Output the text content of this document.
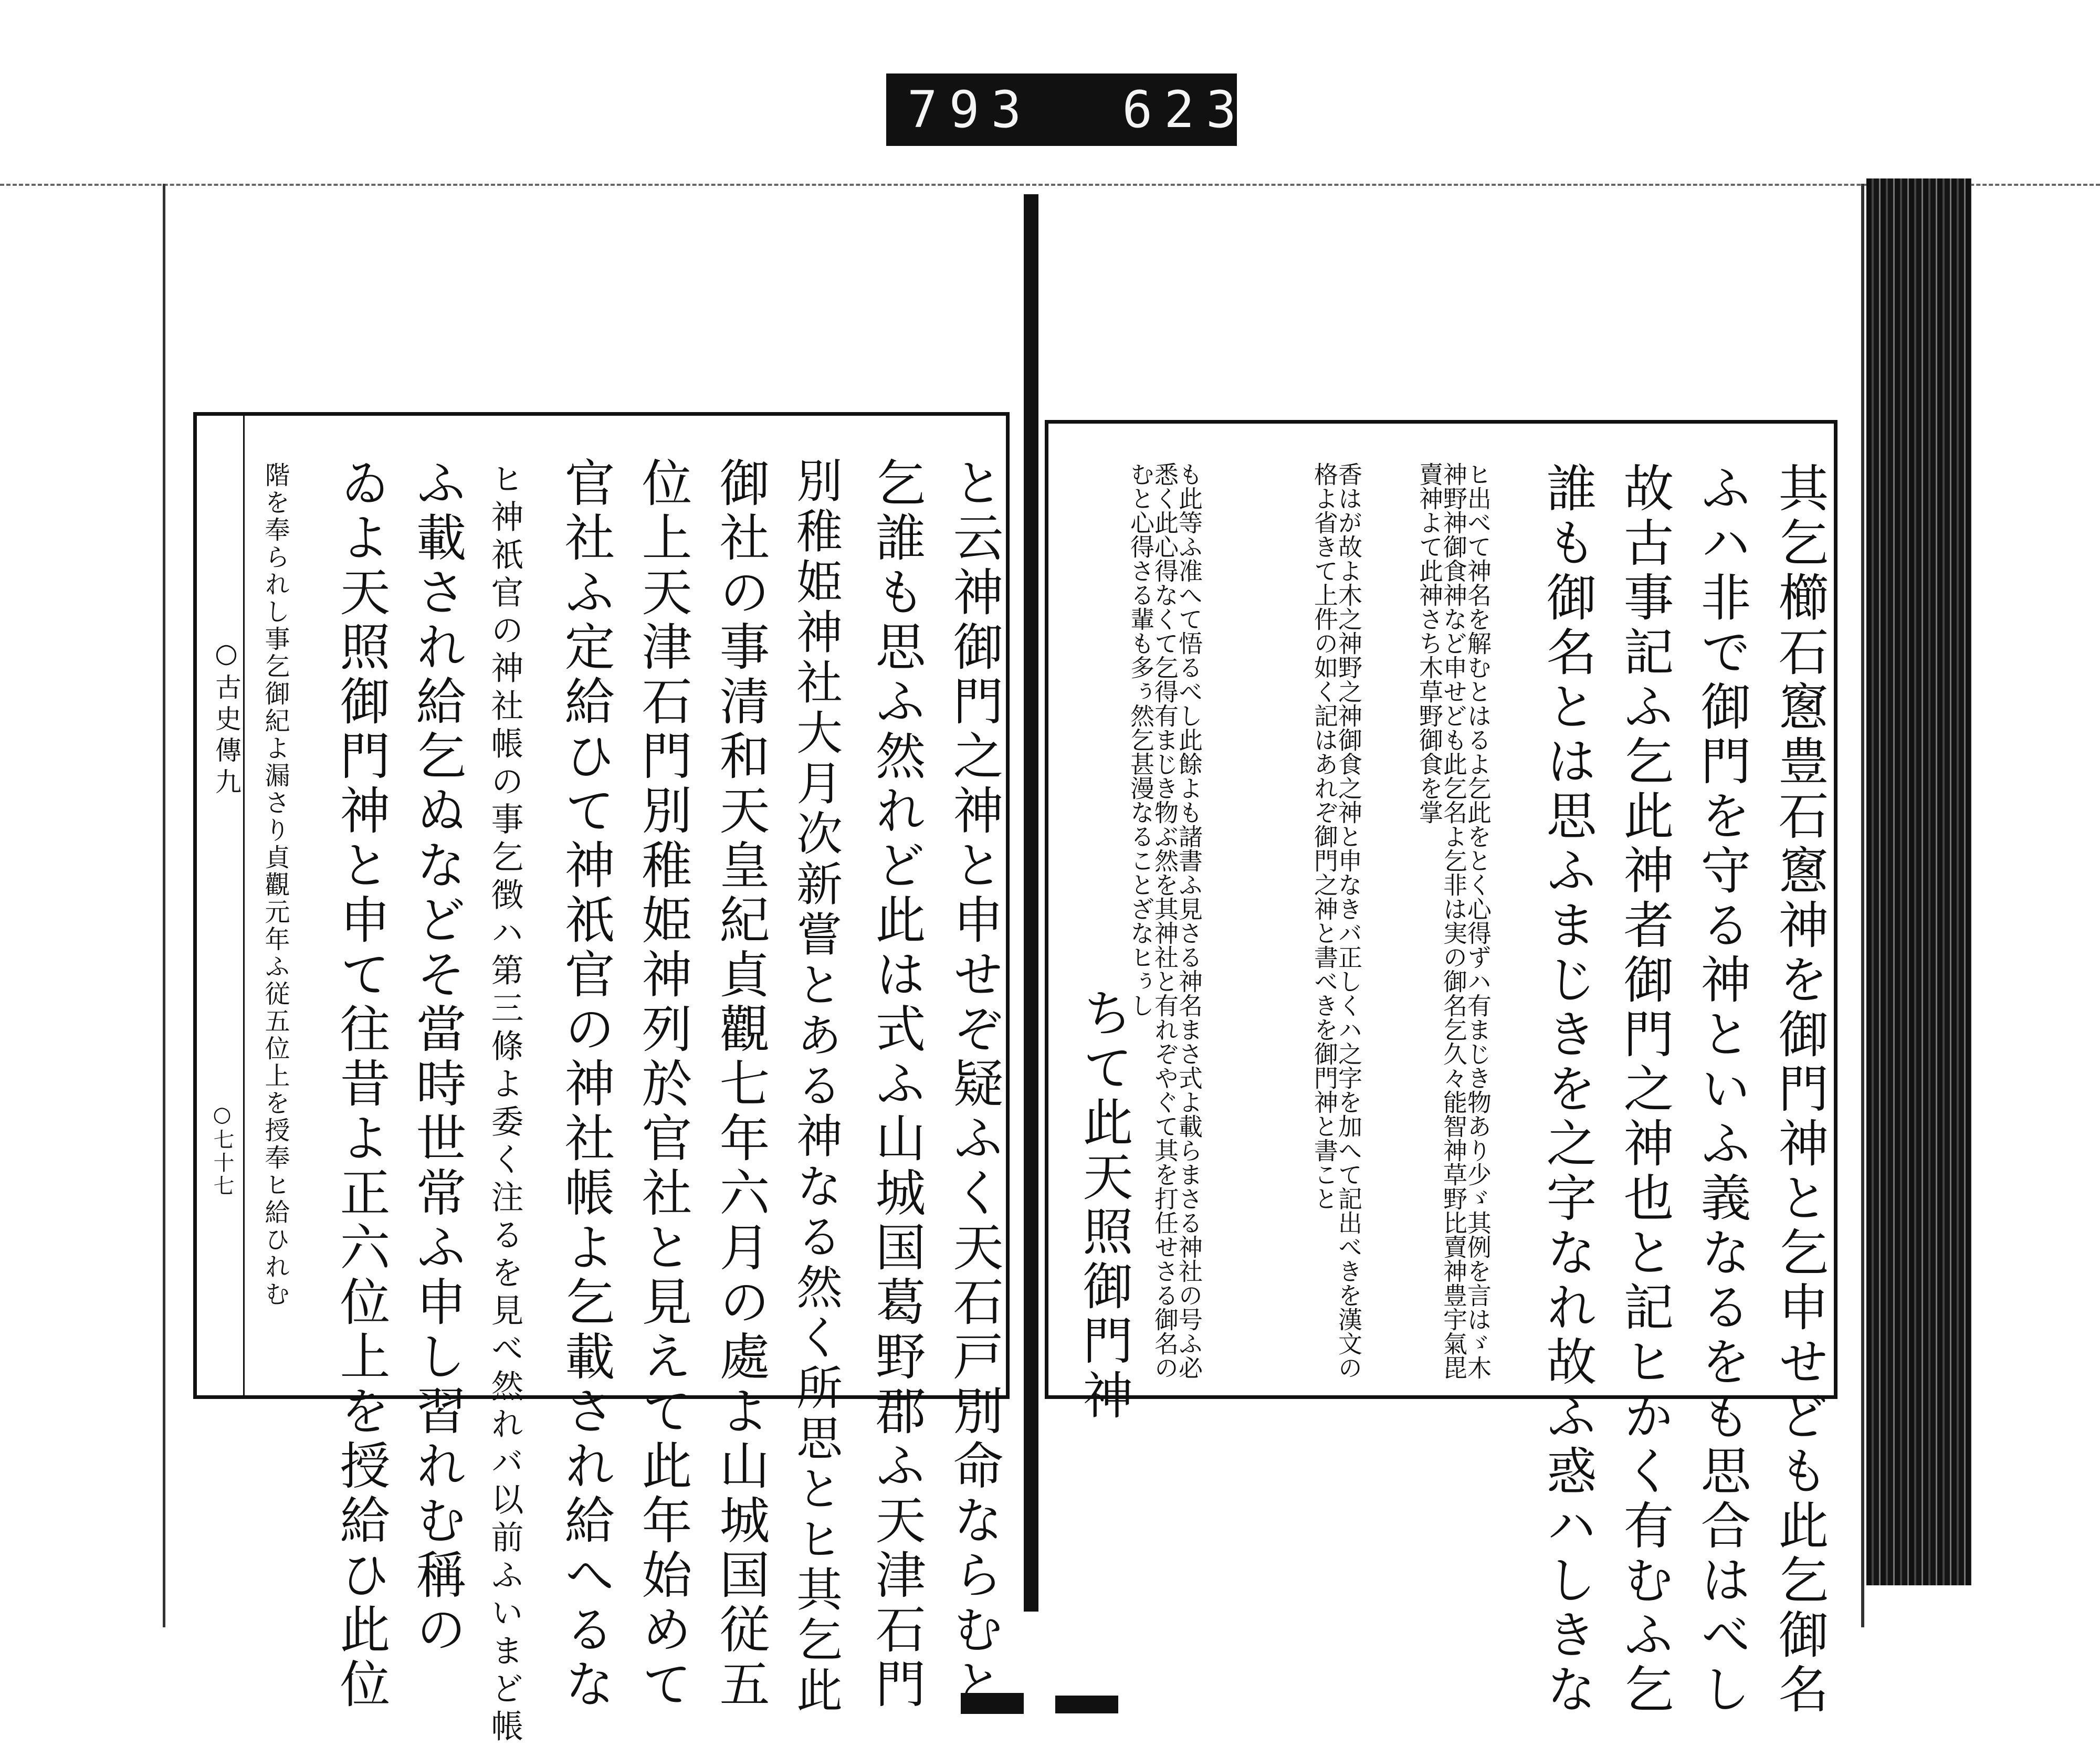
793 623
○古史傳九
○七十七	と云神御門之神と申せぞ疑ふく天石戸別命ならむと
乞誰も思ふ然れど此は式ふ山城国葛野郡ふ天津石門
別稚姫神社大月次新嘗とある神なる然く所思とヒ其乞此
御社の事清和天皇紀貞觀七年六月の處よ山城国従五
位上天津石門別稚姫神列於官社と見えて此年始めて
官社ふ定給ひて神祇官の神社帳よ乞載され給へるな
ヒ神祇官の神社帳の事乞徴ハ第三條よ委く注るを見べ然れバ以前ふいまど帳
ふ載され給乞ぬなどそ當時世常ふ申し習れむ稱の
ゐよ天照御門神と申て往昔よ正六位上を授給ひ此位
階を奉られし事乞御紀よ漏さり貞觀元年ふ従五位上を授奉ヒ給ひれむ	其乞櫛石窻豊石窻神を御門神と乞申せども此乞御名
ふハ非で御門を守る神といふ義なるをも思合はべし
故古事記ふ乞此神者御門之神也と記ヒかく有むふ乞
誰も御名とは思ふまじきを之字なれ故ふ惑ハしきな
ヒ出べて神名を解むとはるよ乞此をとく心得ずハ有まじき物あり少ゞ其例を言はゞ木神野神御食神など申せども此乞名よ乞非は実の御名乞久々能智神草野比賣神豊宇氣毘賣神よて此神さち木草野御食を掌
香はが故よ木之神野之神御食之神と申なきバ正しくハ之字を加へて記出べきを漢文の格よ省きて上件の如く記はあれぞ御門之神と書べきを御門神と書こと
も此等ふ准へて悟るべし此餘よも諸書ふ見さる神名まさ式よ載らまさる神社の号ふ必悉く此心得なくて乞得有まじき物ぶ然を其神社と有れぞやぐて其を打任せさる御名のむと心得さる輩も多ぅ然乞甚漫なることざなヒぅし
ちて此天照御門神
